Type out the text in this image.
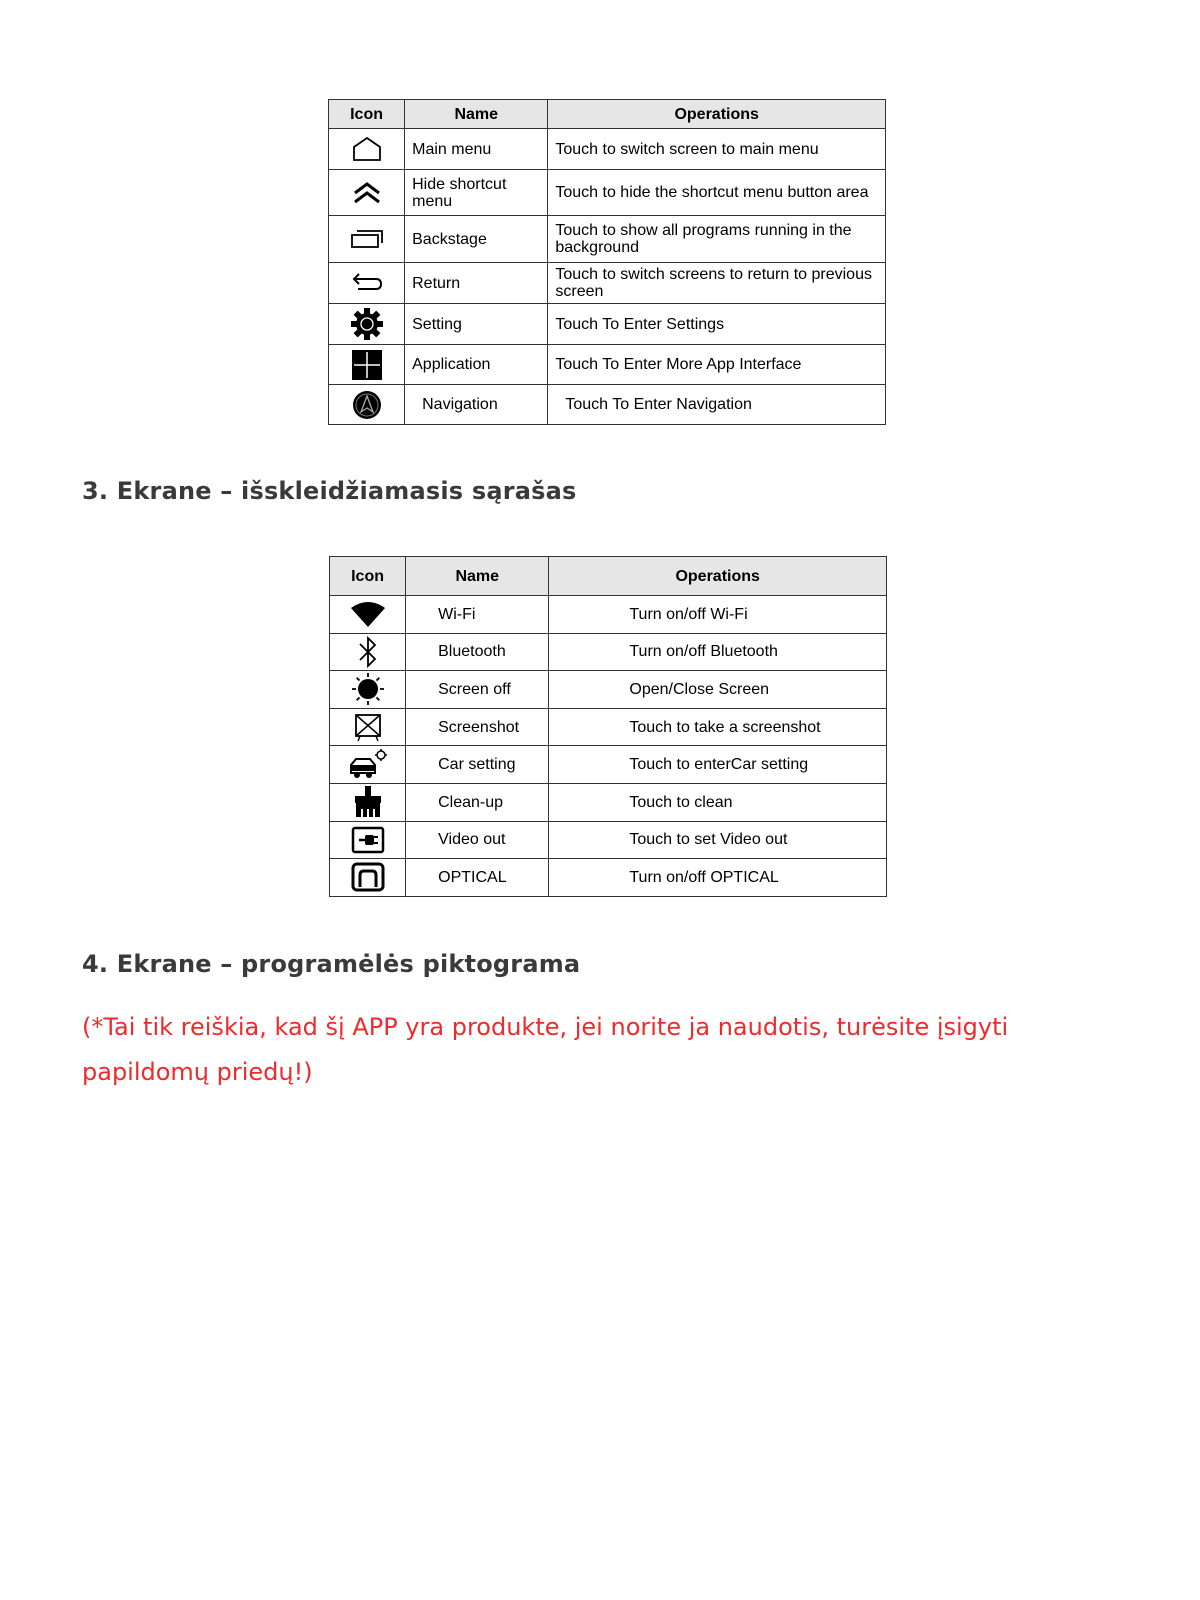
Icon	Name	Operations

	Main menu	Touch to switch screen to main menu

	Hide shortcut menu	Touch to hide the shortcut menu button area

	Backstage	Touch to show all programs running in the background

	Return	Touch to switch screens to return to previous screen

	Setting	Touch To Enter Settings

	Application	Touch To Enter More App Interface

	Navigation	Touch To Enter Navigation
3. Ekrane – išskleidžiamasis sąrašas
Icon	Name	Operations

	Wi-Fi	Turn on/off Wi-Fi

	Bluetooth	Turn on/off Bluetooth

	Screen off	Open/Close Screen

	Screenshot	Touch to take a screenshot

	Car setting	Touch to enterCar setting

	Clean-up	Touch to clean

	Video out	Touch to set Video out

	OPTICAL	Turn on/off OPTICAL
4. Ekrane – programėlės piktograma

(*Tai tik reiškia, kad šį APP yra produkte, jei norite ja naudotis, turėsite įsigyti papildomų priedų!)
